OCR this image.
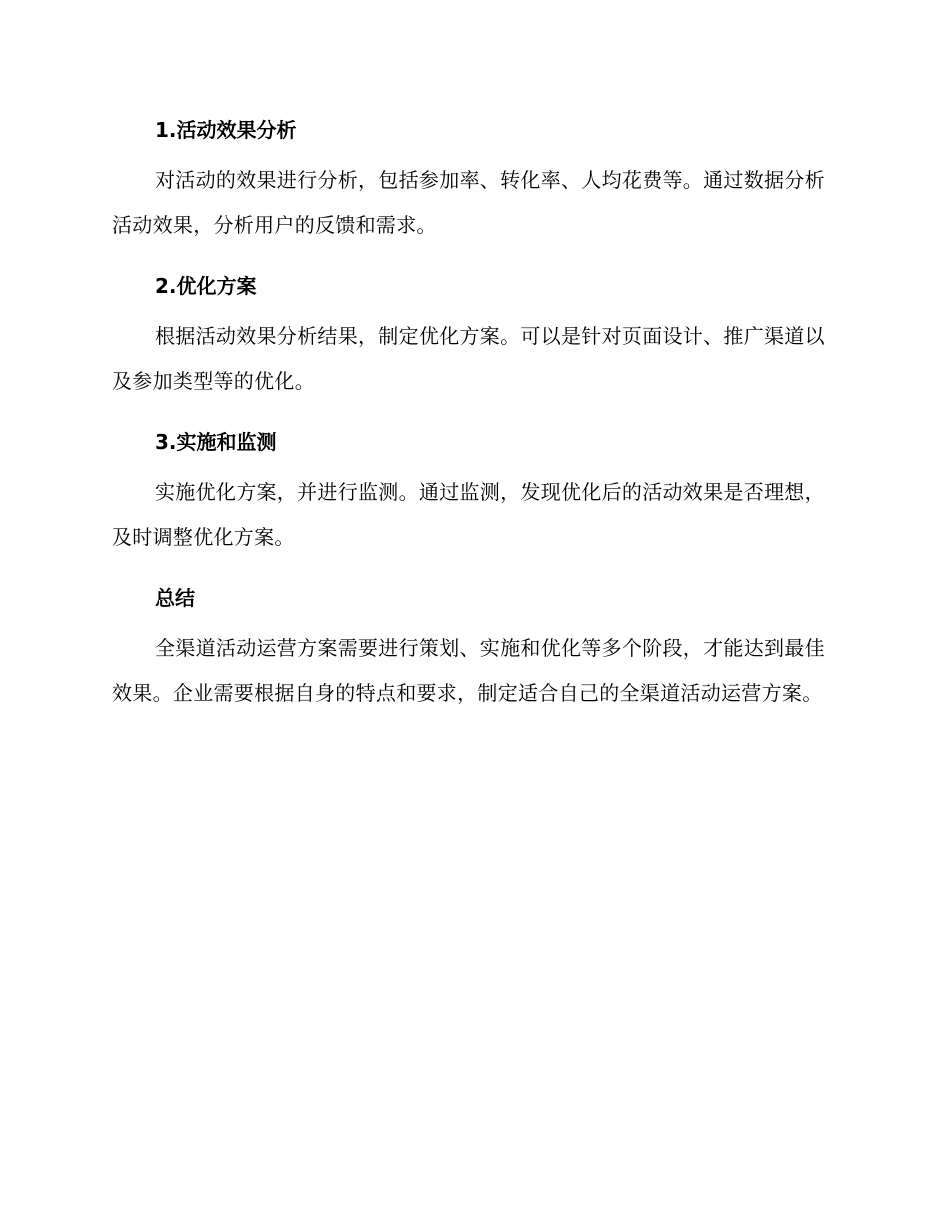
1.活动效果分析

对活动的效果进行分析，包括参加率、转化率、人均花费等。通过数据分析活动效果，分析用户的反馈和需求。

2.优化方案

根据活动效果分析结果，制定优化方案。可以是针对页面设计、推广渠道以及参加类型等的优化。

3.实施和监测

实施优化方案，并进行监测。通过监测，发现优化后的活动效果是否理想，及时调整优化方案。

总结

全渠道活动运营方案需要进行策划、实施和优化等多个阶段，才能达到最佳效果。企业需要根据自身的特点和要求，制定适合自己的全渠道活动运营方案。
